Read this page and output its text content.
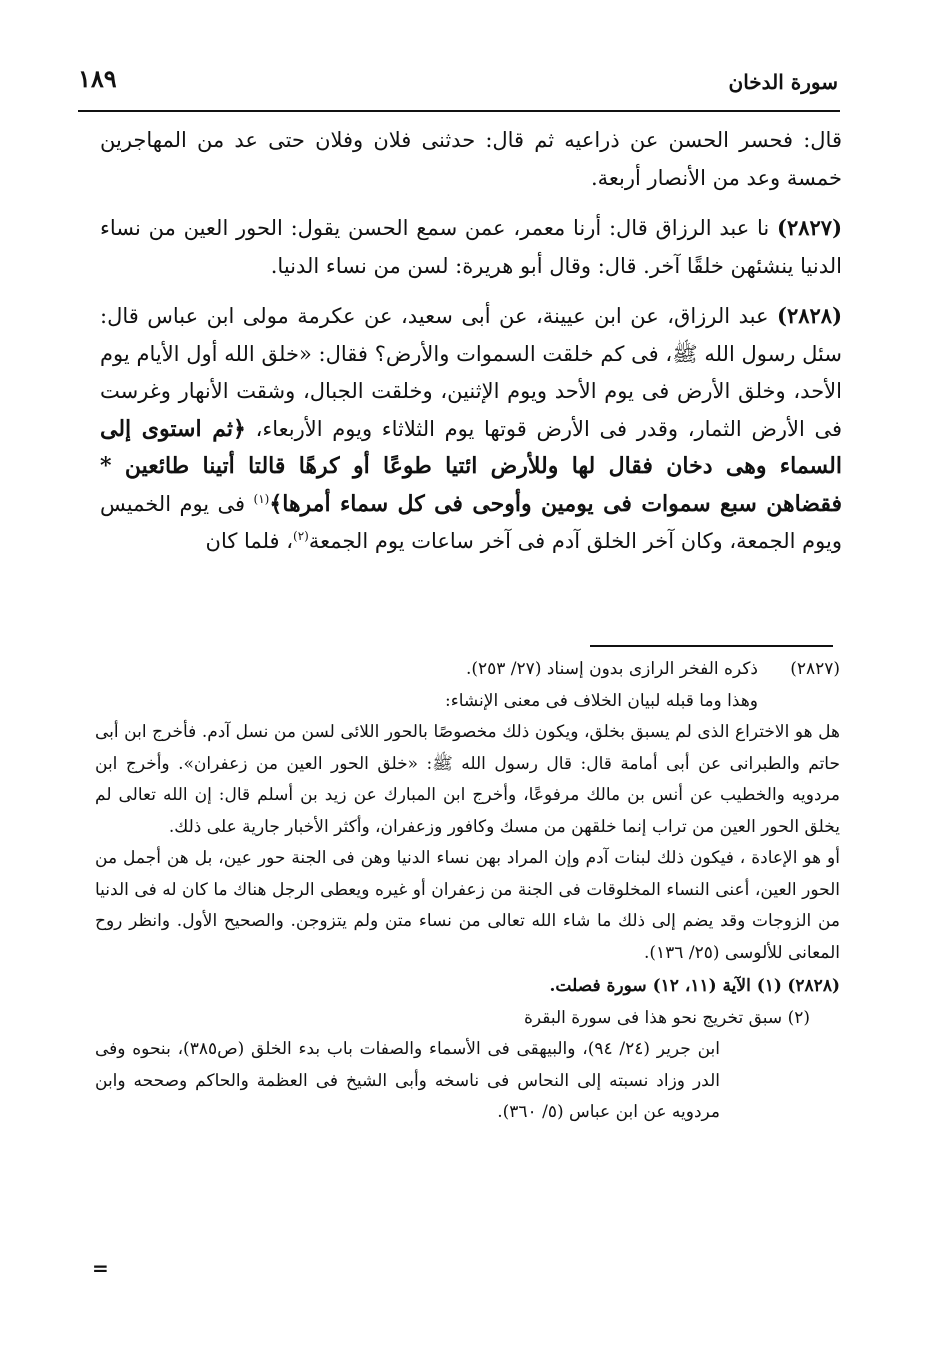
سورة الدخان
١٨٩

قال: فحسر الحسن عن ذراعيه ثم قال: حدثنى فلان وفلان حتى عد من المهاجرين خمسة وعد من الأنصار أربعة.

(٢٨٢٧) نا عبد الرزاق قال: أرنا معمر، عمن سمع الحسن يقول: الحور العين من نساء الدنيا ينشئهن خلقًا آخر. قال: وقال أبو هريرة: لسن من نساء الدنيا.

(٢٨٢٨) عبد الرزاق، عن ابن عيينة، عن أبى سعيد، عن عكرمة مولى ابن عباس قال: سئل رسول الله ﷺ، فى كم خلقت السموات والأرض؟ فقال: «خلق الله أول الأيام يوم الأحد، وخلق الأرض فى يوم الأحد ويوم الإثنين، وخلقت الجبال، وشقت الأنهار وغرست فى الأرض الثمار، وقدر فى الأرض قوتها يوم الثلاثاء ويوم الأربعاء، ﴿ثم استوى إلى السماء وهى دخان فقال لها وللأرض ائتيا طوعًا أو كرهًا قالتا أتينا طائعين * فقضاهن سبع سموات فى يومين وأوحى فى كل سماء أمرها﴾$^{(١)}$ فى يوم الخميس ويوم الجمعة، وكان آخر الخلق آدم فى آخر ساعات يوم الجمعة$^{(٢)}$، فلما كان

(٢٨٢٧)

ذكره الفخر الرازى بدون إسناد (٢٧/ ٢٥٣).

وهذا وما قبله لبيان الخلاف فى معنى الإنشاء:

هل هو الاختراع الذى لم يسبق بخلق، ويكون ذلك مخصوصًا بالحور اللائى لسن من نسل آدم. فأخرج ابن أبى حاتم والطبرانى عن أبى أمامة قال: قال رسول الله ﷺ: «خلق الحور العين من زعفران». وأخرج ابن مردويه والخطيب عن أنس بن مالك مرفوعًا، وأخرج ابن المبارك عن زيد بن أسلم قال: إن الله تعالى لم يخلق الحور العين من تراب إنما خلقهن من مسك وكافور وزعفران، وأكثر الأخبار جارية على ذلك.

أو هو الإعادة ، فيكون ذلك لبنات آدم وإن المراد بهن نساء الدنيا وهن فى الجنة حور عين، بل هن أجمل من الحور العين، أعنى النساء المخلوقات فى الجنة من زعفران أو غيره ويعطى الرجل هناك ما كان له فى الدنيا من الزوجات وقد يضم إلى ذلك ما شاء الله تعالى من نساء متن ولم يتزوجن. والصحيح الأول. وانظر روح المعانى للألوسى (٢٥/ ١٣٦).

(٢٨٢٨) (١) الآية (١١، ١٢) سورة فصلت.

(٢) سبق تخريج نحو هذا فى سورة البقرة

ابن جرير (٢٤/ ٩٤)، والبيهقى فى الأسماء والصفات باب بدء الخلق (ص٣٨٥)، بنحوه وفى الدر وزاد نسبته إلى النحاس فى ناسخه وأبى الشيخ فى العظمة والحاكم وصححه وابن مردويه عن ابن عباس (٥/ ٣٦٠).

=
